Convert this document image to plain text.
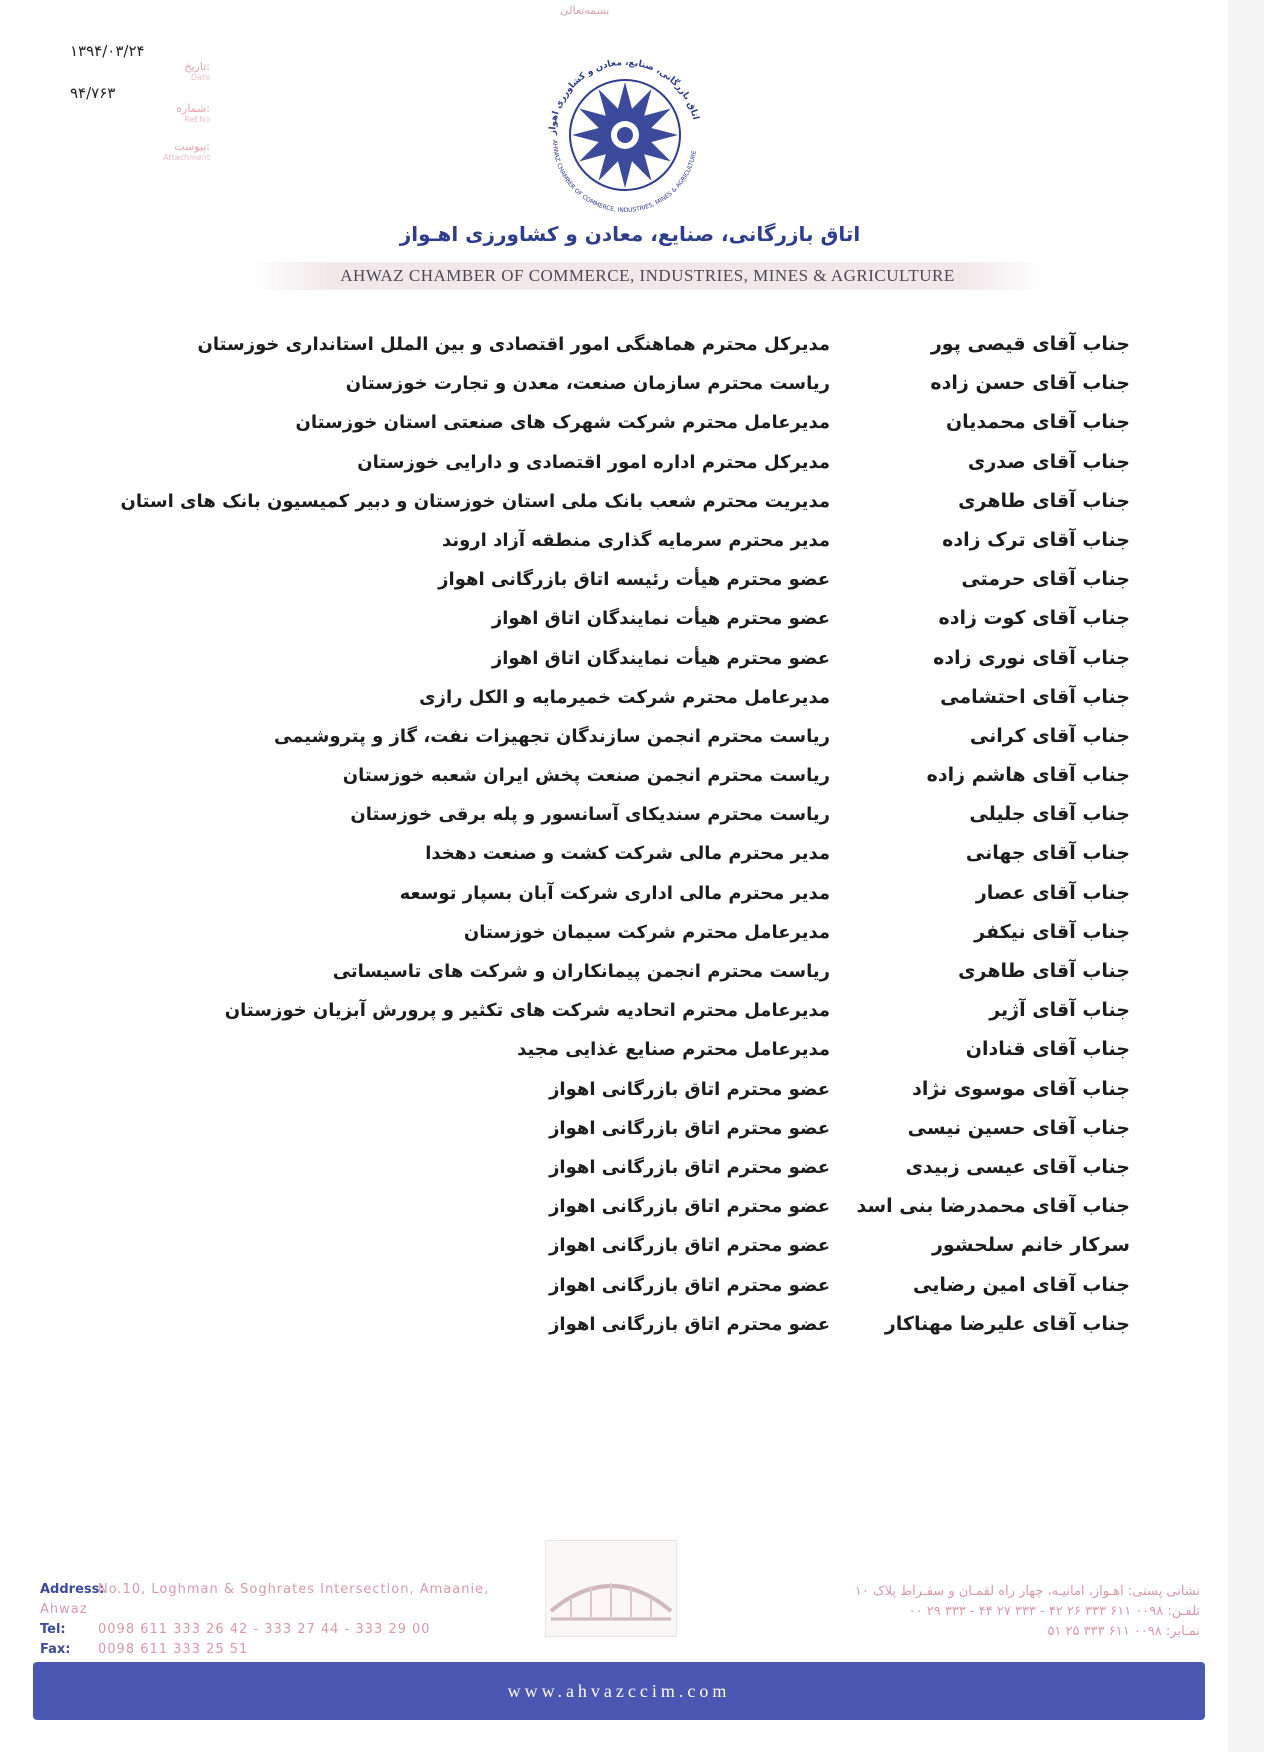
بسمه‌تعالی
۱۳۹۴/۰۳/۲۴
تاریخ:
Date
۹۴/۷۶۳
شماره:
Ref.No
پیوست:
Attachment
اتاق بازرگانی، صنایع، معادن و کشاورزی اهواز
AHWAZ CHAMBER OF COMMERCE, INDUSTRIES, MINES & AGRICULTURE
اتاق بازرگانی، صنایع، معادن و کشاورزی اهـواز
AHWAZ CHAMBER OF COMMERCE, INDUSTRIES, MINES & AGRICULTURE
جناب آقای قیصی پور
مدیرکل محترم هماهنگی امور اقتصادی و بین الملل استانداری خوزستان
جناب آقای حسن زاده
ریاست محترم سازمان صنعت، معدن و تجارت خوزستان
جناب آقای محمدیان
مدیرعامل محترم شرکت شهرک های صنعتی استان خوزستان
جناب آقای صدری
مدیرکل محترم اداره امور اقتصادی و دارایی خوزستان
جناب آقای طاهری
مدیریت محترم شعب بانک ملی استان خوزستان و دبیر کمیسیون بانک های استان
جناب آقای ترک زاده
مدیر محترم سرمایه گذاری منطقه آزاد اروند
جناب آقای حرمتی
عضو محترم هیأت رئیسه اتاق بازرگانی اهواز
جناب آقای کوت زاده
عضو محترم هیأت نمایندگان اتاق اهواز
جناب آقای نوری زاده
عضو محترم هیأت نمایندگان اتاق اهواز
جناب آقای احتشامی
مدیرعامل محترم شرکت خمیرمایه و الکل رازی
جناب آقای کرانی
ریاست محترم انجمن سازندگان تجهیزات نفت، گاز و پتروشیمی
جناب آقای هاشم زاده
ریاست محترم انجمن صنعت پخش ایران شعبه خوزستان
جناب آقای جلیلی
ریاست محترم سندیکای آسانسور و پله برقی خوزستان
جناب آقای جهانی
مدیر محترم مالی شرکت کشت و صنعت دهخدا
جناب آقای عصار
مدیر محترم مالی اداری شرکت آبان بسپار توسعه
جناب آقای نیکفر
مدیرعامل محترم شرکت سیمان خوزستان
جناب آقای طاهری
ریاست محترم انجمن پیمانکاران و شرکت های تاسیساتی
جناب آقای آژیر
مدیرعامل محترم اتحادیه شرکت های تکثیر و پرورش آبزیان خوزستان
جناب آقای قنادان
مدیرعامل محترم صنایع غذایی مجید
جناب آقای موسوی نژاد
عضو محترم اتاق بازرگانی اهواز
جناب آقای حسین نیسی
عضو محترم اتاق بازرگانی اهواز
جناب آقای عیسی زبیدی
عضو محترم اتاق بازرگانی اهواز
جناب آقای محمدرضا بنی اسد
عضو محترم اتاق بازرگانی اهواز
سرکار خانم سلحشور
عضو محترم اتاق بازرگانی اهواز
جناب آقای امین رضایی
عضو محترم اتاق بازرگانی اهواز
جناب آقای علیرضا مهناکار
عضو محترم اتاق بازرگانی اهواز
Address:No.10, Loghman & Soghrates Intersection, Amaanie, Ahwaz
Tel: 0098 611 333 26 42 - 333 27 44 - 333 29 00
Fax: 0098 611 333 25 51
نشانی پستی: اهـواز، امانیـه، چهار راه لقمـان و سقـراط پلاک ۱۰
تلفـن: ۰۰۹۸ ۶۱۱ ۳۳۳ ۲۶ ۴۲ - ۳۳۳ ۲۷ ۴۴ - ۳۳۳ ۲۹ ۰۰
نمـابر: ۰۰۹۸ ۶۱۱ ۳۳۳ ۲۵ ۵۱
www.ahvazccim.com
